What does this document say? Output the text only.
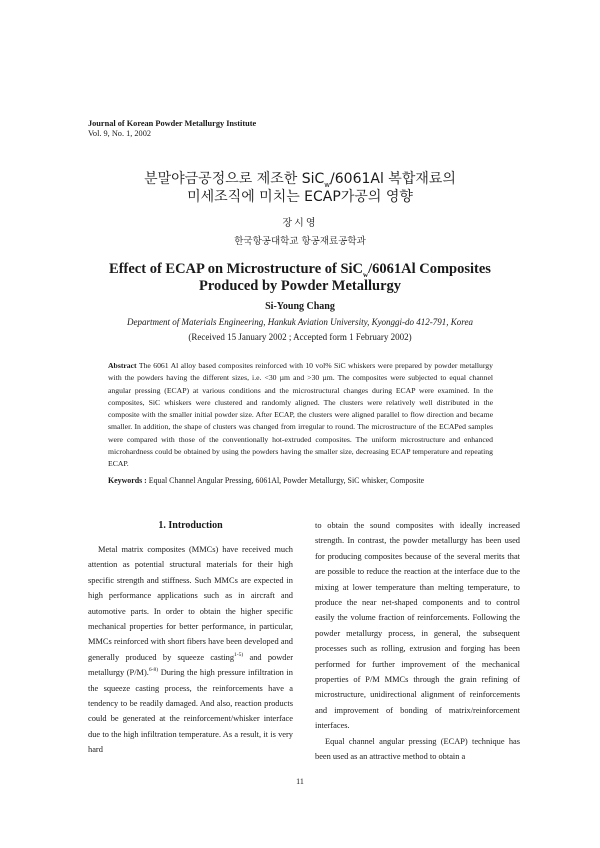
Journal of Korean Powder Metallurgy Institute
Vol. 9, No. 1, 2002
분말야금공정으로 제조한 SiC$_w$/6061Al 복합재료의
미세조직에 미치는 ECAP가공의 영향
장시영
한국항공대학교 항공재료공학과
Effect of ECAP on Microstructure of SiC$_w$/6061Al Composites
Produced by Powder Metallurgy
Si-Young Chang
Department of Materials Engineering, Hankuk Aviation University, Kyonggi-do 412-791, Korea
(Received 15 January 2002 ; Accepted form 1 February 2002)
Abstract The 6061 Al alloy based composites reinforced with 10 vol% SiC whiskers were prepared by powder metallurgy with the powders having the different sizes, i.e. <30 µm and >30 µm. The composites were subjected to equal channel angular pressing (ECAP) at various conditions and the microstructural changes during ECAP were examined. In the composites, SiC whiskers were clustered and randomly aligned. The clusters were relatively well distributed in the composite with the smaller initial powder size. After ECAP, the clusters were aligned parallel to flow direction and became smaller. In addition, the shape of clusters was changed from irregular to round. The microstructure of the ECAPed samples were compared with those of the conventionally hot-extruded composites. The uniform microstructure and enhanced microhardness could be obtained by using the powders having the smaller size, decreasing ECAP temperature and repeating ECAP.
Keywords : Equal Channel Angular Pressing, 6061Al, Powder Metallurgy, SiC whisker, Composite
1. Introduction

Metal matrix composites (MMCs) have received much attention as potential structural materials for their high specific strength and stiffness. Such MMCs are expected in high performance applications such as in aircraft and automotive parts. In order to obtain the higher specific mechanical properties for better performance, in particular, MMCs reinforced with short fibers have been developed and generally produced by squeeze casting$^{1-5)}$ and powder metallurgy (P/M).$^{6-8)}$ During the high pressure infiltration in the squeeze casting process, the reinforcements have a tendency to be readily damaged. And also, reaction products could be generated at the reinforcement/whisker interface due to the high infiltration temperature. As a result, it is very hard

to obtain the sound composites with ideally increased strength. In contrast, the powder metallurgy has been used for producing composites because of the several merits that are possible to reduce the reaction at the interface due to the mixing at lower temperature than melting temperature, to produce the near net-shaped components and to control easily the volume fraction of reinforcements. Following the powder metallurgy process, in general, the subsequent processes such as rolling, extrusion and forging has been performed for further improvement of the mechanical properties of P/M MMCs through the grain refining of microstructure, unidirectional alignment of reinforcements and improvement of bonding of matrix/reinforcement interfaces.

Equal channel angular pressing (ECAP) technique has been used as an attractive method to obtain a

11
